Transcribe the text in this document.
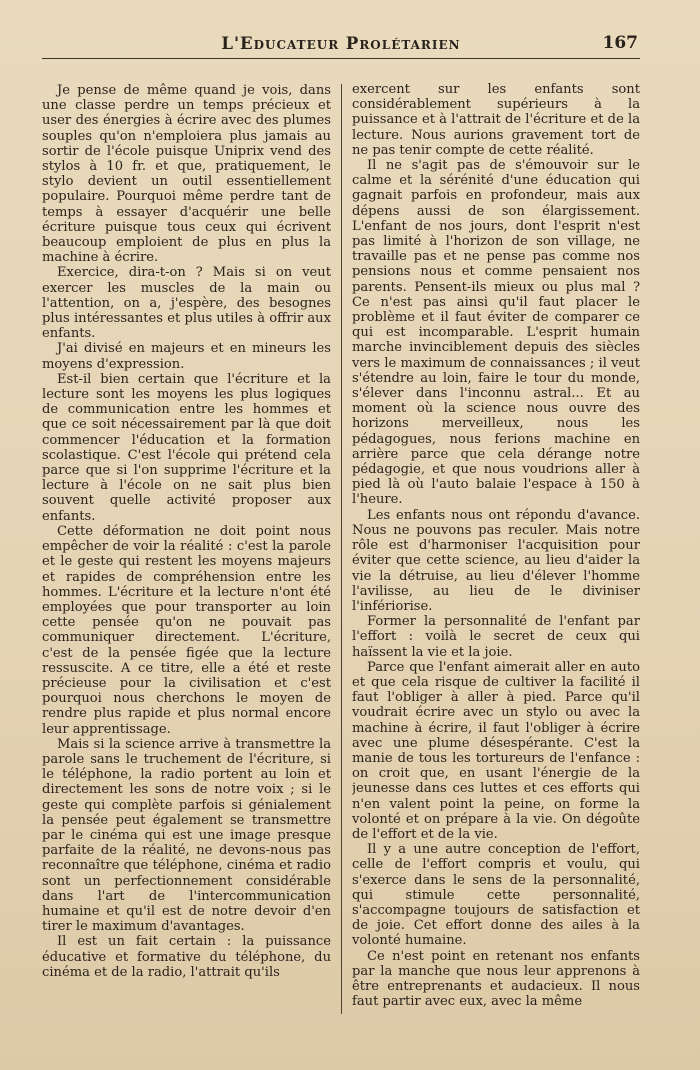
L'Educateur Prolétarien	167

Je pense de même quand je vois, dans une classe perdre un temps précieux et user des énergies à écrire avec des plumes souples qu'on n'emploiera plus jamais au sortir de l'école puisque Uniprix vend des stylos à 10 fr. et que, pratiquement, le stylo devient un outil essentiellement populaire. Pourquoi même perdre tant de temps à essayer d'acquérir une belle écriture puisque tous ceux qui écrivent beaucoup emploient de plus en plus la machine à écrire.

Exercice, dira-t-on ? Mais si on veut exercer les muscles de la main ou l'attention, on a, j'espère, des besognes plus intéressantes et plus utiles à offrir aux enfants.

J'ai divisé en majeurs et en mineurs les moyens d'expression.

Est-il bien certain que l'écriture et la lecture sont les moyens les plus logiques de communication entre les hommes et que ce soit nécessairement par là que doit commencer l'éducation et la formation scolastique. C'est l'école qui prétend cela parce que si l'on supprime l'écriture et la lecture à l'école on ne sait plus bien souvent quelle activité proposer aux enfants.

Cette déformation ne doit point nous empêcher de voir la réalité : c'est la parole et le geste qui restent les moyens majeurs et rapides de compréhension entre les hommes. L'écriture et la lecture n'ont été employées que pour transporter au loin cette pensée qu'on ne pouvait pas communiquer directement. L'écriture, c'est de la pensée figée que la lecture ressuscite. A ce titre, elle a été et reste précieuse pour la civilisation et c'est pourquoi nous cherchons le moyen de rendre plus rapide et plus normal encore leur apprentissage.

Mais si la science arrive à transmettre la parole sans le truchement de l'écriture, si le téléphone, la radio portent au loin et directement les sons de notre voix ; si le geste qui complète parfois si génialement la pensée peut également se transmettre par le cinéma qui est une image presque parfaite de la réalité, ne devons-nous pas reconnaître que téléphone, cinéma et radio sont un perfectionnement considérable dans l'art de l'intercommunication humaine et qu'il est de notre devoir d'en tirer le maximum d'avantages.

Il est un fait certain : la puissance éducative et formative du téléphone, du cinéma et de la radio, l'attrait qu'ils

exercent sur les enfants sont considérablement supérieurs à la puissance et à l'attrait de l'écriture et de la lecture. Nous aurions gravement tort de ne pas tenir compte de cette réalité.

Il ne s'agit pas de s'émouvoir sur le calme et la sérénité d'une éducation qui gagnait parfois en profondeur, mais aux dépens aussi de son élargissement. L'enfant de nos jours, dont l'esprit n'est pas limité à l'horizon de son village, ne travaille pas et ne pense pas comme nos pensions nous et comme pensaient nos parents. Pensent-ils mieux ou plus mal ? Ce n'est pas ainsi qu'il faut placer le problème et il faut éviter de comparer ce qui est incomparable. L'esprit humain marche invinciblement depuis des siècles vers le maximum de connaissances ; il veut s'étendre au loin, faire le tour du monde, s'élever dans l'inconnu astral... Et au moment où la science nous ouvre des horizons merveilleux, nous les pédagogues, nous ferions machine en arrière parce que cela dérange notre pédagogie, et que nous voudrions aller à pied là où l'auto balaie l'espace à 150 à l'heure.

Les enfants nous ont répondu d'avance. Nous ne pouvons pas reculer. Mais notre rôle est d'harmoniser l'acquisition pour éviter que cette science, au lieu d'aider la vie la détruise, au lieu d'élever l'homme l'avilisse, au lieu de le diviniser l'infériorise.

Former la personnalité de l'enfant par l'effort : voilà le secret de ceux qui haïssent la vie et la joie.

Parce que l'enfant aimerait aller en auto et que cela risque de cultiver la facilité il faut l'obliger à aller à pied. Parce qu'il voudrait écrire avec un stylo ou avec la machine à écrire, il faut l'obliger à écrire avec une plume désespérante. C'est la manie de tous les tortureurs de l'enfance : on croit que, en usant l'énergie de la jeunesse dans ces luttes et ces efforts qui n'en valent point la peine, on forme la volonté et on prépare à la vie. On dégoûte de l'effort et de la vie.

Il y a une autre conception de l'effort, celle de l'effort compris et voulu, qui s'exerce dans le sens de la personnalité, qui stimule cette personnalité, s'accompagne toujours de satisfaction et de joie. Cet effort donne des ailes à la volonté humaine.

Ce n'est point en retenant nos enfants par la manche que nous leur apprenons à être entreprenants et audacieux. Il nous faut partir avec eux, avec la même
